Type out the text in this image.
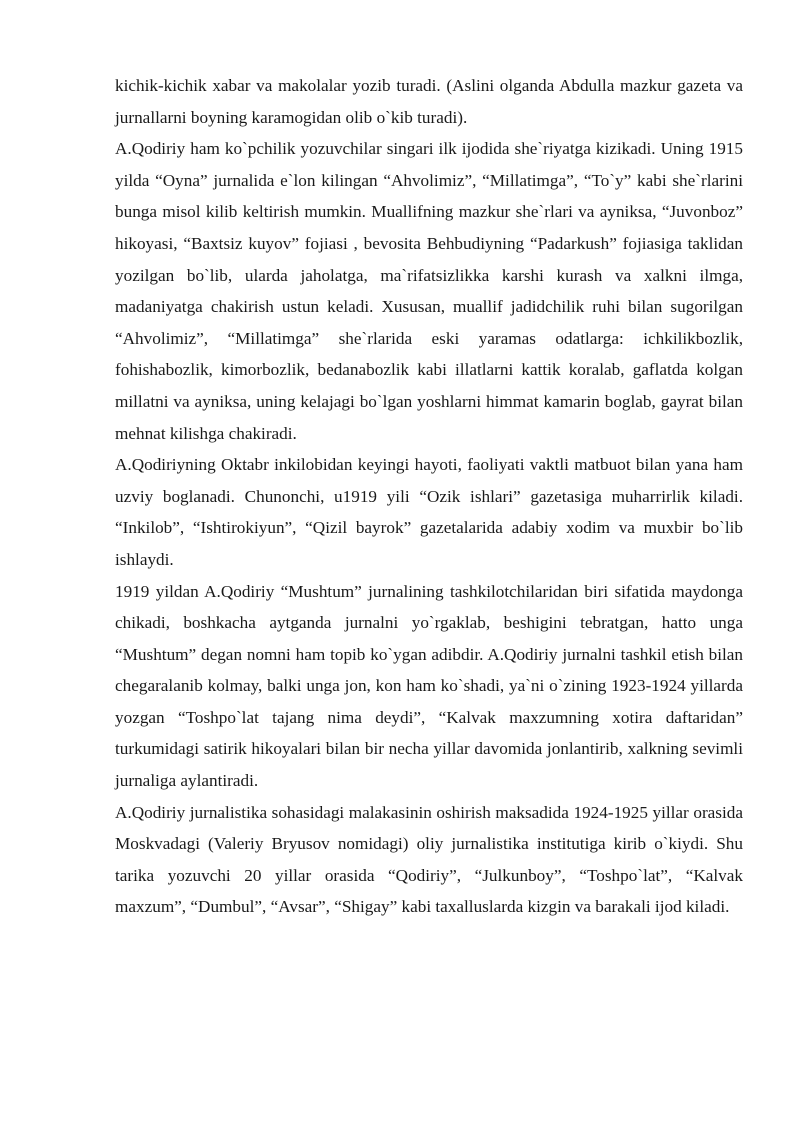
kichik-kichik xabar va makolalar yozib turadi. (Aslini olganda Abdulla mazkur gazeta va jurnallarni boyning karamogidan olib o`kib turadi).

A.Qodiriy ham ko`pchilik yozuvchilar singari ilk ijodida she`riyatga kizikadi. Uning 1915 yilda “Oyna” jurnalida e`lon kilingan “Ahvolimiz”, “Millatimga”, “To`y” kabi she`rlarini bunga misol kilib keltirish mumkin. Muallifning mazkur she`rlari va ayniksa, “Juvonboz” hikoyasi, “Baxtsiz kuyov” fojiasi , bevosita Behbudiyning “Padarkush” fojiasiga taklidan yozilgan bo`lib, ularda jaholatga, ma`rifatsizlikka karshi kurash va xalkni ilmga, madaniyatga chakirish ustun keladi. Xususan, muallif jadidchilik ruhi bilan sugorilgan “Ahvolimiz”, “Millatimga” she`rlarida eski yaramas odatlarga: ichkilikbozlik, fohishabozlik, kimorbozlik, bedanabozlik kabi illatlarni kattik koralab, gaflatda kolgan millatni va ayniksa, uning kelajagi bo`lgan yoshlarni himmat kamarin boglab, gayrat bilan mehnat kilishga chakiradi.

A.Qodiriyning Oktabr inkilobidan keyingi hayoti, faoliyati vaktli matbuot bilan yana ham uzviy boglanadi. Chunonchi, u1919 yili “Ozik ishlari” gazetasiga muharrirlik kiladi. “Inkilob”, “Ishtirokiyun”, “Qizil bayrok” gazetalarida adabiy xodim va muxbir bo`lib ishlaydi.

1919 yildan A.Qodiriy “Mushtum” jurnalining tashkilotchilaridan biri sifatida maydonga chikadi, boshkacha aytganda jurnalni yo`rgaklab, beshigini tebratgan, hatto unga “Mushtum” degan nomni ham topib ko`ygan adibdir. A.Qodiriy jurnalni tashkil etish bilan chegaralanib kolmay, balki unga jon, kon ham ko`shadi, ya`ni o`zining 1923-1924 yillarda yozgan “Toshpo`lat tajang nima deydi”, “Kalvak maxzumning xotira daftaridan” turkumidagi satirik hikoyalari bilan bir necha yillar davomida jonlantirib, xalkning sevimli jurnaliga aylantiradi.

A.Qodiriy jurnalistika sohasidagi malakasinin oshirish maksadida 1924-1925 yillar orasida Moskvadagi (Valeriy Bryusov nomidagi) oliy jurnalistika institutiga kirib o`kiydi. Shu tarika yozuvchi 20 yillar orasida “Qodiriy”, “Julkunboy”, “Toshpo`lat”, “Kalvak maxzum”, “Dumbul”, “Avsar”, “Shigay” kabi taxalluslarda kizgin va barakali ijod kiladi.
